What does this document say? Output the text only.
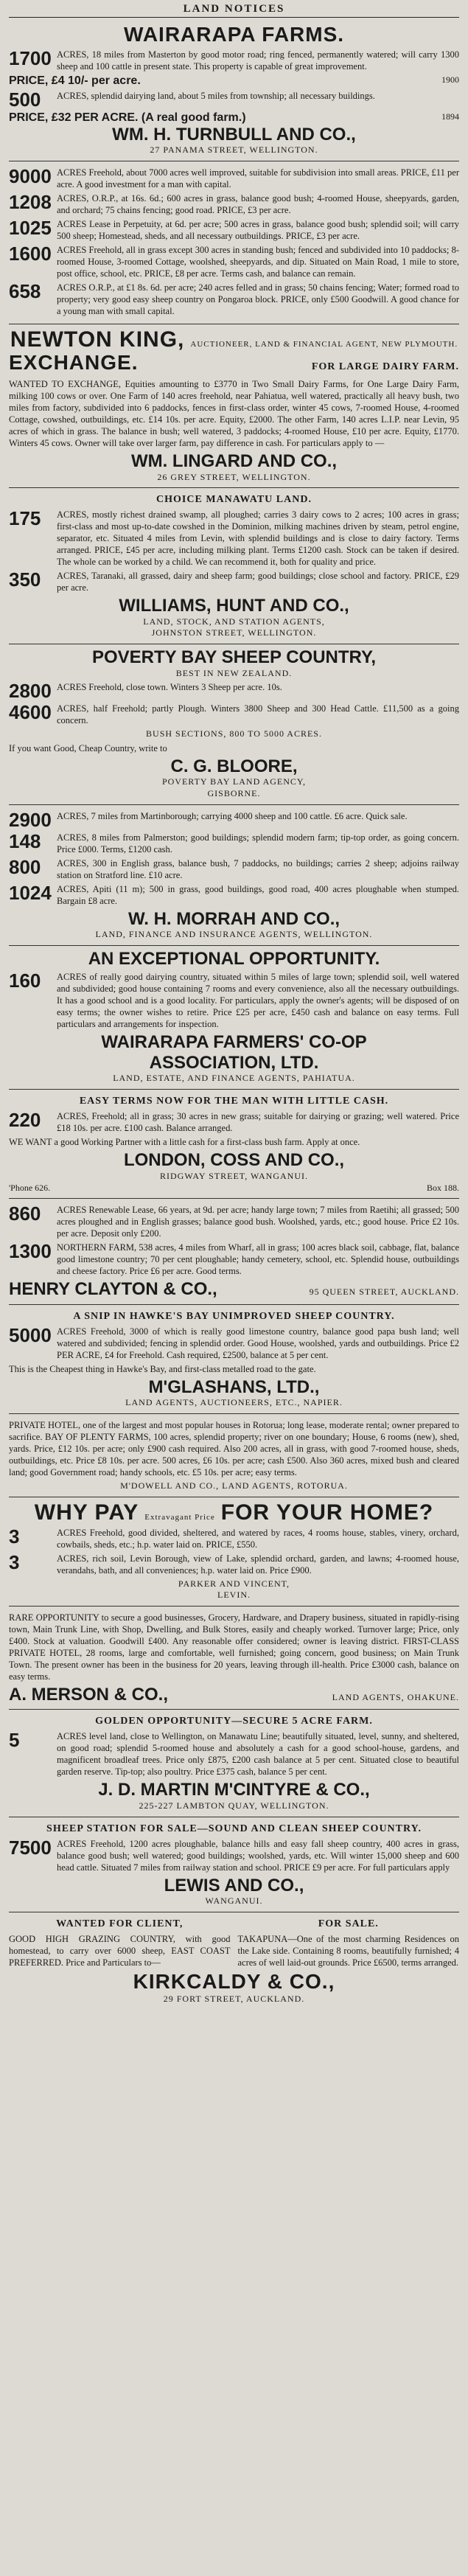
LAND NOTICES
WAIRARAPA FARMS.
1700 ACRES, 18 miles from Masterton by good motor road; ring fenced, permanently watered; will carry 1300 sheep and 100 cattle in present state. This property is capable of great improvement.
PRICE, £4 10/- per acre.	1900
500	ACRES, splendid dairying land, about 5 miles from township; all necessary buildings.
PRICE, £32 PER ACRE. (A real good farm.)	1894
WM. H. TURNBULL AND CO.,
27 PANAMA STREET, WELLINGTON.
9000 ACRES Freehold, about 7000 acres well improved, suitable for subdivision into small areas. PRICE, £11 per acre. A good investment for a man with capital.
1208 ACRES, O.R.P., at 16s. 6d.; 600 acres in grass, balance good bush; 4-roomed House, sheepyards, garden, and orchard; 75 chains fencing; good road. PRICE, £3 per acre.
1025 ACRES Lease in Perpetuity, at 6d. per acre; 500 acres in grass, balance good bush; splendid soil; will carry 500 sheep; Homestead, sheds, and all necessary outbuildings. PRICE, £3 per acre.
1600 ACRES Freehold, all in grass except 300 acres in standing bush; fenced and subdivided into 10 paddocks; 8-roomed House, 3-roomed Cottage, woolshed, sheepyards, and dip. Situated on Main Road, 1 mile to store, post office, school, etc. PRICE, £8 per acre. Terms cash, and balance can remain.
658	ACRES O.R.P., at £1 8s. 6d. per acre; 240 acres felled and in grass; 50 chains fencing; Water; formed road to property; very good easy sheep country on Pongaroa block. PRICE, only £500 Goodwill. A good chance for a young man with small capital.
NEWTON KING, AUCTIONEER, LAND & FINANCIAL AGENT, NEW PLYMOUTH.
EXCHANGE.	FOR LARGE DAIRY FARM.
WANTED TO EXCHANGE, Equities amounting to £3770 in Two Small Dairy Farms, for One Large Dairy Farm, milking 100 cows or over. One Farm of 140 acres freehold, near Pahiatua, well watered, practically all heavy bush, two miles from factory, subdivided into 6 paddocks, fences in first-class order, winter 45 cows, 7-roomed House, 4-roomed Cottage, cowshed, outbuildings, etc. £14 10s. per acre. Equity, £2000. The other Farm, 140 acres L.I.P. near Levin, 95 acres of which in grass. The balance in bush; well watered, 3 paddocks; 4-roomed House, £10 per acre. Equity, £1770. Winters 45 cows. Owner will take over larger farm, pay difference in cash. For particulars apply to —
WM. LINGARD AND CO.,
26 GREY STREET, WELLINGTON.
CHOICE MANAWATU LAND.
175	ACRES, mostly richest drained swamp, all ploughed; carries 3 dairy cows to 2 acres; 100 acres in grass; first-class and most up-to-date cowshed in the Dominion, milking machines driven by steam, petrol engine, separator, etc. Situated 4 miles from Levin, with splendid buildings and is close to dairy factory. Terms arranged. PRICE, £45 per acre, including milking plant. Terms £1200 cash. Stock can be taken if desired. The whole can be worked by a child. We can recommend it, both for quality and price.
350	ACRES, Taranaki, all grassed, dairy and sheep farm; good buildings; close school and factory. PRICE, £29 per acre.
WILLIAMS, HUNT AND CO.,
LAND, STOCK, AND STATION AGENTS,
JOHNSTON STREET, WELLINGTON.
POVERTY BAY SHEEP COUNTRY,
BEST IN NEW ZEALAND.
2800 ACRES Freehold, close town. Winters 3 Sheep per acre. 10s.
4600 ACRES, half Freehold; partly Plough. Winters 3800 Sheep and 300 Head Cattle. £11,500 as a going concern.
BUSH SECTIONS, 800 TO 5000 ACRES.
If you want Good, Cheap Country, write to
C. G. BLOORE,
POVERTY BAY LAND AGENCY,
GISBORNE.
2900 ACRES, 7 miles from Martinborough; carrying 4000 sheep and 100 cattle. £6 acre. Quick sale.
148	ACRES, 8 miles from Palmerston; good buildings; splendid modern farm; tip-top order, as going concern. Price £000. Terms, £1200 cash.
800	ACRES, 300 in English grass, balance bush, 7 paddocks, no buildings; carries 2 sheep; adjoins railway station on Stratford line. £10 acre.
1024 ACRES, Apiti (11 m); 500 in grass, good buildings, good road, 400 acres ploughable when stumped. Bargain £8 acre.
W. H. MORRAH AND CO.,
LAND, FINANCE AND INSURANCE AGENTS, WELLINGTON.
AN EXCEPTIONAL OPPORTUNITY.
160	ACRES of really good dairying country, situated within 5 miles of large town; splendid soil, well watered and subdivided; good house containing 7 rooms and every convenience, also all the necessary outbuildings. It has a good school and is a good locality. For particulars, apply the owner's agents; will be disposed of on easy terms; the owner wishes to retire. Price £25 per acre, £450 cash and balance on easy terms. Full particulars and arrangements for inspection.
WAIRARAPA FARMERS' CO-OP
ASSOCIATION, LTD.
LAND, ESTATE, AND FINANCE AGENTS, PAHIATUA.
EASY TERMS NOW FOR THE MAN WITH LITTLE CASH.
220	ACRES, Freehold; all in grass; 30 acres in new grass; suitable for dairying or grazing; well watered. Price £18 10s. per acre. £100 cash. Balance arranged.
WE WANT a good Working Partner with a little cash for a first-class bush farm. Apply at once.
LONDON, COSS AND CO.,
RIDGWAY STREET, WANGANUI.
'Phone 626.	Box 188.
860	ACRES Renewable Lease, 66 years, at 9d. per acre; handy large town; 7 miles from Raetihi; all grassed; 500 acres ploughed and in English grasses; balance good bush. Woolshed, yards, etc.; good house. Price £2 10s. per acre. Deposit only £200.
1300 NORTHERN FARM, 538 acres, 4 miles from Wharf, all in grass; 100 acres black soil, cabbage, flat, balance good limestone country; 70 per cent ploughable; handy cemetery, school, etc. Splendid house, outbuildings and cheese factory. Price £6 per acre. Good terms.
HENRY CLAYTON & CO.,	95 QUEEN STREET, AUCKLAND.
A SNIP IN HAWKE'S BAY UNIMPROVED SHEEP COUNTRY.
5000 ACRES Freehold, 3000 of which is really good limestone country, balance good papa bush land; well watered and subdivided; fencing in splendid order. Good House, woolshed, yards and outbuildings. Price £2 PER ACRE, £4 for Freehold. Cash required, £2500, balance at 5 per cent.
This is the Cheapest thing in Hawke's Bay, and first-class metalled road to the gate.
M'GLASHANS, LTD.,
LAND AGENTS, AUCTIONEERS, ETC., NAPIER.
PRIVATE HOTEL, one of the largest and most popular houses in Rotorua; long lease, moderate rental; owner prepared to sacrifice. BAY OF PLENTY FARMS, 100 acres, splendid property; river on one boundary; House, 6 rooms (new), shed, yards. Price, £12 10s. per acre; only £900 cash required. Also 200 acres, all in grass, with good 7-roomed house, sheds, outbuildings, etc. Price £8 10s. per acre. 500 acres, £6 10s. per acre; cash £500. Also 360 acres, mixed bush and cleared land; good Government road; handy schools, etc. £5 10s. per acre; easy terms.
M'DOWELL AND CO., LAND AGENTS, ROTORUA.
WHY PAY Extravagant Price FOR YOUR HOME?
3	ACRES Freehold, good divided, sheltered, and watered by races, 4 rooms house, stables, vinery, orchard, cowbails, sheds, etc.; h.p. water laid on. PRICE, £550.
3	ACRES, rich soil, Levin Borough, view of Lake, splendid orchard, garden, and lawns; 4-roomed house, verandahs, bath, and all conveniences; h.p. water laid on. Price £900.
PARKER AND VINCENT,
LEVIN.
RARE OPPORTUNITY to secure a good businesses, Grocery, Hardware, and Drapery business, situated in rapidly-rising town, Main Trunk Line, with Shop, Dwelling, and Bulk Stores, easily and cheaply worked. Turnover large; Price, only £400. Stock at valuation. Goodwill £400. Any reasonable offer considered; owner is leaving district. FIRST-CLASS PRIVATE HOTEL, 28 rooms, large and comfortable, well furnished; going concern, good business; on Main Trunk Town. The present owner has been in the business for 20 years, leaving through ill-health. Price £3000 cash, balance on easy terms.
A. MERSON & CO.,	LAND AGENTS, OHAKUNE.
GOLDEN OPPORTUNITY—SECURE 5 ACRE FARM.
5	ACRES level land, close to Wellington, on Manawatu Line; beautifully situated, level, sunny, and sheltered, on good road; splendid 5-roomed house and absolutely a cash for a good school-house, gardens, and magnificent broadleaf trees. Price only £875, £200 cash balance at 5 per cent. Situated close to beautiful garden reserve. Tip-top; also poultry. Price £375 cash, balance 5 per cent.
J. D. MARTIN M'CINTYRE & CO.,
225-227 LAMBTON QUAY, WELLINGTON.
SHEEP STATION FOR SALE—SOUND AND CLEAN SHEEP COUNTRY.
7500 ACRES Freehold, 1200 acres ploughable, balance hills and easy fall sheep country, 400 acres in grass, balance good bush; well watered; good buildings; woolshed, yards, etc. Will winter 15,000 sheep and 600 head cattle. Situated 7 miles from railway station and school. PRICE £9 per acre. For full particulars apply
LEWIS AND CO.,
WANGANUI.
WANTED FOR CLIENT,
GOOD HIGH GRAZING COUNTRY, with good homestead, to carry over 6000 sheep, EAST COAST PREFERRED. Price and Particulars to—
FOR SALE.
TAKAPUNA—One of the most charming Residences on the Lake side. Containing 8 rooms, beautifully furnished; 4 acres of well laid-out grounds. Price £6500, terms arranged.
KIRKCALDY & CO.,
29 FORT STREET, AUCKLAND.
